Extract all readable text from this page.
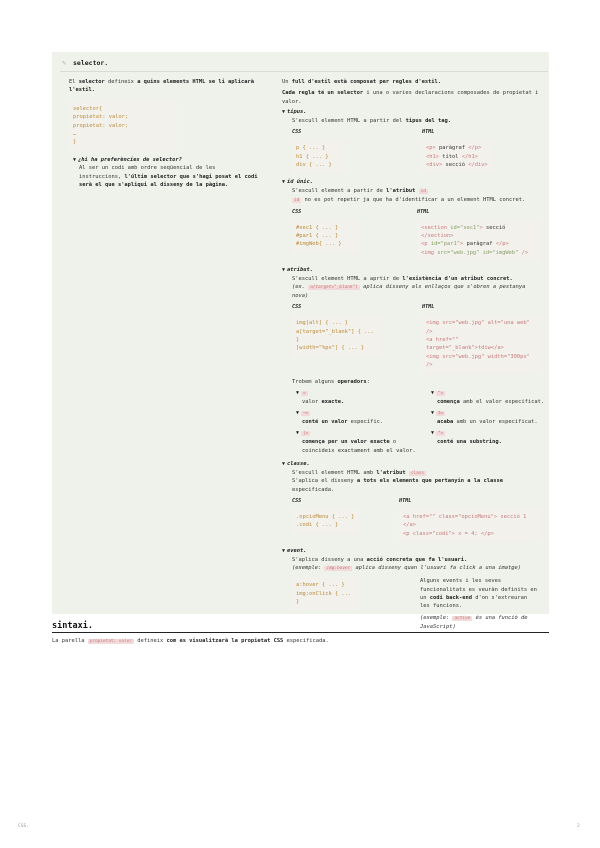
✎	selector.
El selector defineix a quins elements HTML se li aplicarà l'estil.
selector{
propietat: valor;
propietat: valor;
…
}
▼ ¿hi ha preferències de selector?
Al ser un codi amb ordre seqüencial de les instruccions, l'últim selector que s'hagi posat el codi serà el que s'apliqui al disseny de la pàgina.
Un full d'estil està composat per regles d'estil.
Cada regla té un selector i una o varies declaracions composades de propietat i valor.
▼ tipus.
S'escull element HTML a partir del tipus del tag.
CSS
p { ... }
h1 { ... }
div { ... }
HTML
<p> paràgraf </p>
<h1> títol </h1>
<div> secció </div>
▼ id únic.
S'escull element a partir de l'atribut id
id no es pot repetir ja que ha d'identificar a un element HTML concret.
CSS
#sec1 { ... }
#par1 { ... }
#imgWeb{ ... }
HTML
<section id="sec1"> secció </section>
<p id="par1"> paràgraf </p>
<img src="web.jpg" id="imgWeb" />
▼ atribut.
S'escull element HTML a aprtir de l'existència d'un atribut concret.
(ex. a[target="_blank"] aplica disseny als enllaços que s'obren a pestanya nova)
CSS
img[alt] { ... }
a[target="_blank"] { ... }
[width="%px"] { ... }
HTML
<img src="web.jpg" alt="una web" />
<a href="" target="_blank">tdiw</a>
<img src="web.jpg" width="300px" />
Trobem alguns operadors:
▼ =
valor exacte.
▼ ^=
comença amb el valor especificat.
▼ ~=
conté un valor específic.
▼ $=
acaba amb un valor especificat.
▼ |=
comença per un valor exacte o coincideix exactament amb el valor.
▼ *=
conté una substring.
▼ classe.
S'escull element HTML amb l'atribut class
S'aplica el disseny a tots els elements que pertanyin a la classe especificada.
CSS
.opcioMenu { ... }
.codi { ... }
HTML
<a href="" class="opcioMenu"> secció 1 </a>
<p class="codi"> x = 4; </p>
▼ event.
S'aplica disseny a una acció concreta que fa l'usuari.
(exemple: img:hover aplica disseny quan l'usuari fa click a una imatge)
a:hover { ... }
img:onClick { ... }
Alguns events i les seves funcionalitats es veuràn definits en un codi back-end d'on s'extreuran les funcions.
(exemple: active és una funció de JavaScript)
sintaxi.
La parella propietat: valor defineix com es visualitzarà la propietat CSS especificada.
CSS.	2
